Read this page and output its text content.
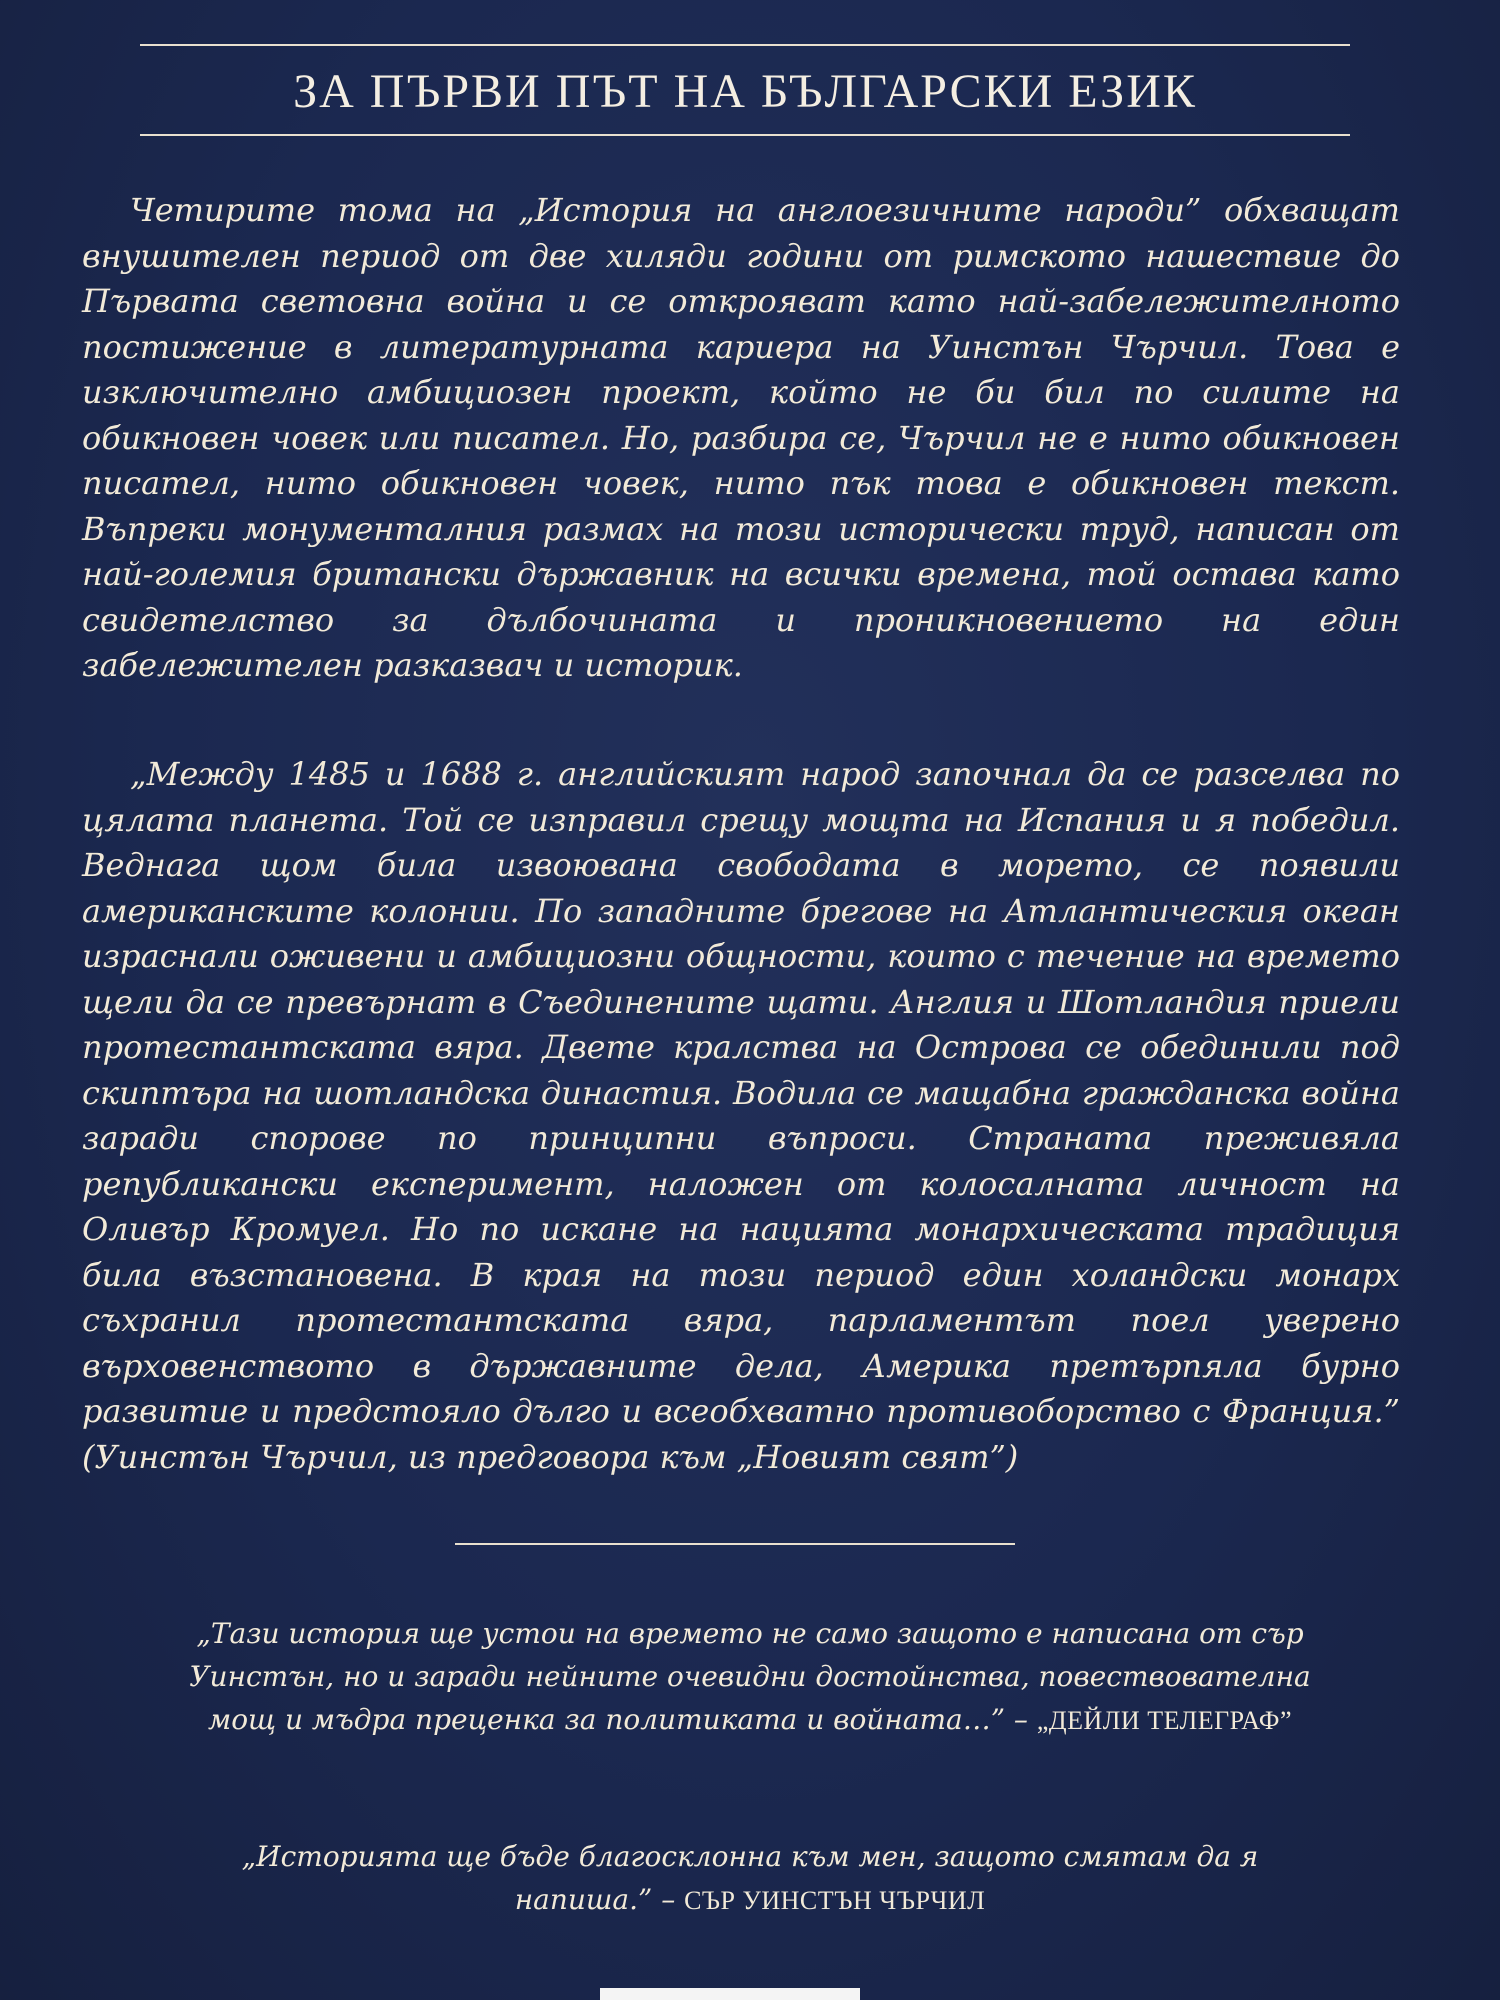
ЗА ПЪРВИ ПЪТ НА БЪЛГАРСКИ ЕЗИК

Четирите тома на „История на англоезичните народи” обхващат внушителен период от две хиляди години от римското нашествие до Първата световна война и се открояват като най-забележителното постижение в литературната кариера на Уинстън Чърчил. Това е изключително амбициозен проект, който не би бил по силите на обикновен човек или писател. Но, разбира се, Чърчил не е нито обикновен писател, нито обикновен човек, нито пък това е обикновен текст. Въпреки монументалния размах на този исторически труд, написан от най-големия британски държавник на всички времена, той остава като свидетелство за дълбочината и проникновението на един забележителен разказвач и историк.

„Между 1485 и 1688 г. английският народ започнал да се разселва по цялата планета. Той се изправил срещу мощта на Испания и я победил. Веднага щом била извоювана свободата в морето, се появили американските колонии. По западните брегове на Атлантическия океан израснали оживени и амбициозни общности, които с течение на времето щели да се превърнат в Съединените щати. Англия и Шотландия приели протестантската вяра. Двете кралства на Острова се обединили под скиптъра на шотландска династия. Водила се мащабна гражданска война заради спорове по принципни въпроси. Страната преживяла републикански експеримент, наложен от колосалната личност на Оливър Кромуел. Но по искане на нацията монархическата традиция била възстановена. В края на този период един холандски монарх съхранил протестантската вяра, парламентът поел уверено върховенството в държавните дела, Америка претърпяла бурно развитие и предстояло дълго и всеобхватно противоборство с Франция.” (Уинстън Чърчил, из предговора към „Новият свят”)

„Тази история ще устои на времето не само защото е написана от сър Уинстън, но и заради нейните очевидни достойнства, повествователна мощ и мъдра преценка за политиката и войната…” – „ДЕЙЛИ ТЕЛЕГРАФ”

„Историята ще бъде благосклонна към мен, защото смятам да я напиша.” – СЪР УИНСТЪН ЧЪРЧИЛ
